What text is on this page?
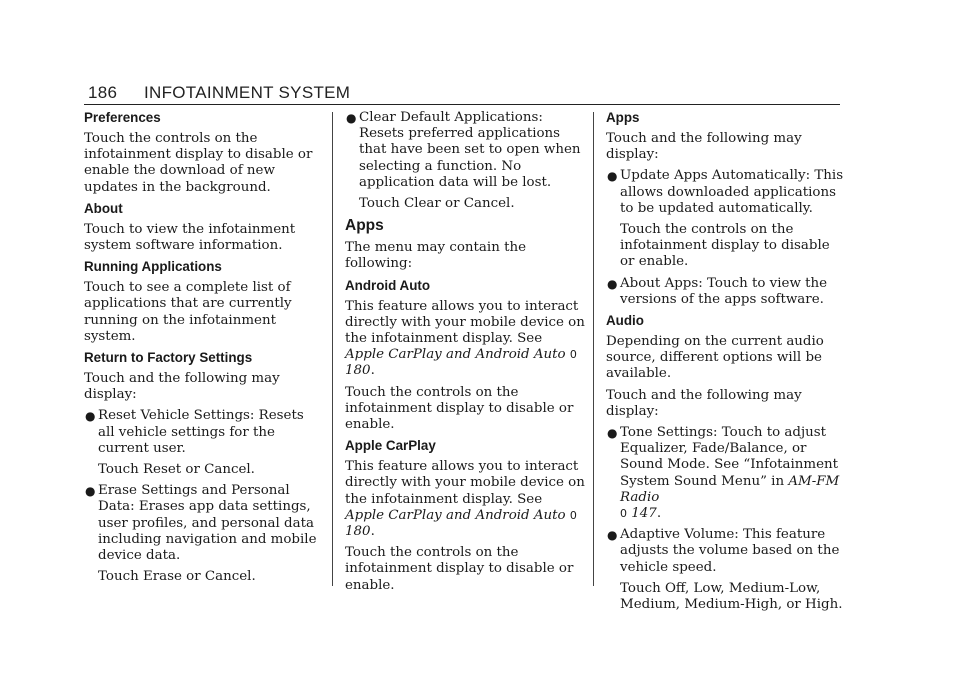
186 INFOTAINMENT SYSTEM
Preferences

Touch the controls on the infotainment display to disable or enable the download of new updates in the background.

About

Touch to view the infotainment system software information.

Running Applications

Touch to see a complete list of applications that are currently running on the infotainment system.

Return to Factory Settings

Touch and the following may display:

● Reset Vehicle Settings: Resets all vehicle settings for the current user.

Touch Reset or Cancel.

● Erase Settings and Personal Data: Erases app data settings, user profiles, and personal data including navigation and mobile device data.

Touch Erase or Cancel.

● Clear Default Applications: Resets preferred applications that have been set to open when selecting a function. No application data will be lost.

Touch Clear or Cancel.

Apps

The menu may contain the following:

Android Auto

This feature allows you to interact directly with your mobile device on the infotainment display. See Apple CarPlay and Android Auto 0 180.

Touch the controls on the infotainment display to disable or enable.

Apple CarPlay

This feature allows you to interact directly with your mobile device on the infotainment display. See Apple CarPlay and Android Auto 0 180.

Touch the controls on the infotainment display to disable or enable.

Apps

Touch and the following may display:

● Update Apps Automatically: This allows downloaded applications to be updated automatically.

Touch the controls on the infotainment display to disable or enable.

● About Apps: Touch to view the versions of the apps software.
Audio

Depending on the current audio source, different options will be available.

Touch and the following may display:

● Tone Settings: Touch to adjust Equalizer, Fade/Balance, or Sound Mode. See “Infotainment System Sound Menu” in AM-FM Radio
0 147.
● Adaptive Volume: This feature adjusts the volume based on the vehicle speed.

Touch Off, Low, Medium-Low, Medium, Medium-High, or High.
